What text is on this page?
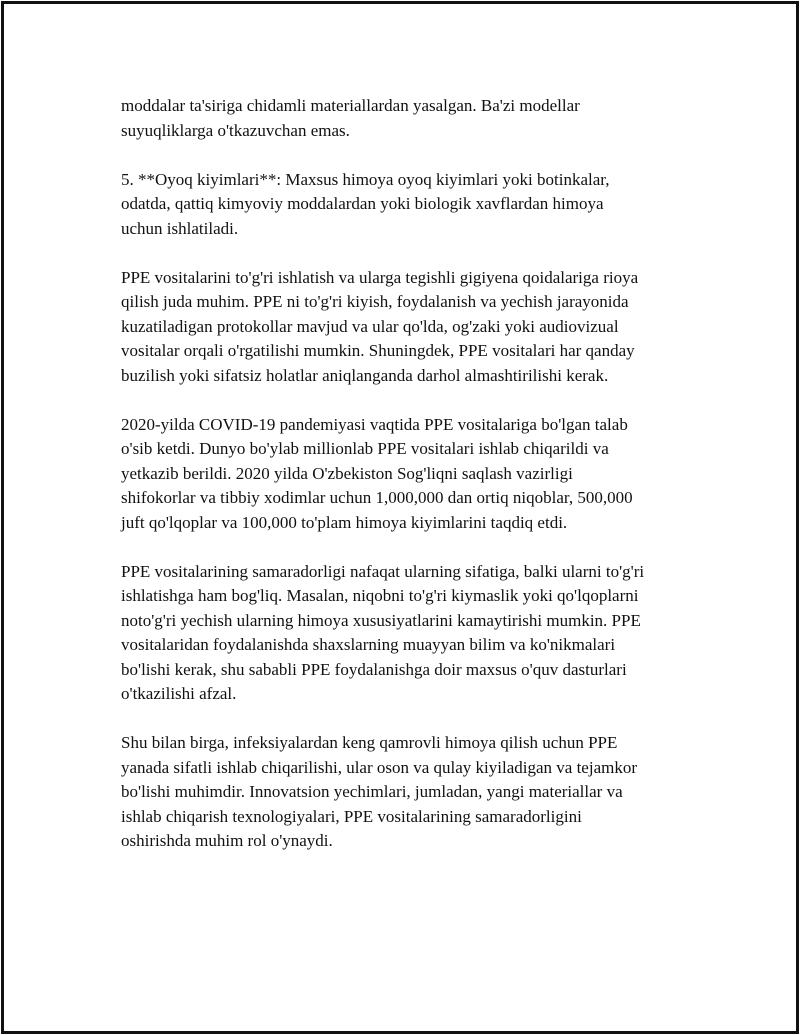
moddalar ta'siriga chidamli materiallardan yasalgan. Ba'zi modellar
suyuqliklarga o'tkazuvchan emas.

5. **Oyoq kiyimlari**: Maxsus himoya oyoq kiyimlari yoki botinkalar,
odatda, qattiq kimyoviy moddalardan yoki biologik xavflardan himoya
uchun ishlatiladi.

PPE vositalarini to'g'ri ishlatish va ularga tegishli gigiyena qoidalariga rioya
qilish juda muhim. PPE ni to'g'ri kiyish, foydalanish va yechish jarayonida
kuzatiladigan protokollar mavjud va ular qo'lda, og'zaki yoki audiovizual
vositalar orqali o'rgatilishi mumkin. Shuningdek, PPE vositalari har qanday
buzilish yoki sifatsiz holatlar aniqlanganda darhol almashtirilishi kerak.

2020-yilda COVID-19 pandemiyasi vaqtida PPE vositalariga bo'lgan talab
o'sib ketdi. Dunyo bo'ylab millionlab PPE vositalari ishlab chiqarildi va
yetkazib berildi. 2020 yilda O'zbekiston Sog'liqni saqlash vazirligi
shifokorlar va tibbiy xodimlar uchun 1,000,000 dan ortiq niqoblar, 500,000
juft qo'lqoplar va 100,000 to'plam himoya kiyimlarini taqdiq etdi.

PPE vositalarining samaradorligi nafaqat ularning sifatiga, balki ularni to'g'ri
ishlatishga ham bog'liq. Masalan, niqobni to'g'ri kiymaslik yoki qo'lqoplarni
noto'g'ri yechish ularning himoya xususiyatlarini kamaytirishi mumkin. PPE
vositalaridan foydalanishda shaxslarning muayyan bilim va ko'nikmalari
bo'lishi kerak, shu sababli PPE foydalanishga doir maxsus o'quv dasturlari
o'tkazilishi afzal.

Shu bilan birga, infeksiyalardan keng qamrovli himoya qilish uchun PPE
yanada sifatli ishlab chiqarilishi, ular oson va qulay kiyiladigan va tejamkor
bo'lishi muhimdir. Innovatsion yechimlari, jumladan, yangi materiallar va
ishlab chiqarish texnologiyalari, PPE vositalarining samaradorligini
oshirishda muhim rol o'ynaydi.
